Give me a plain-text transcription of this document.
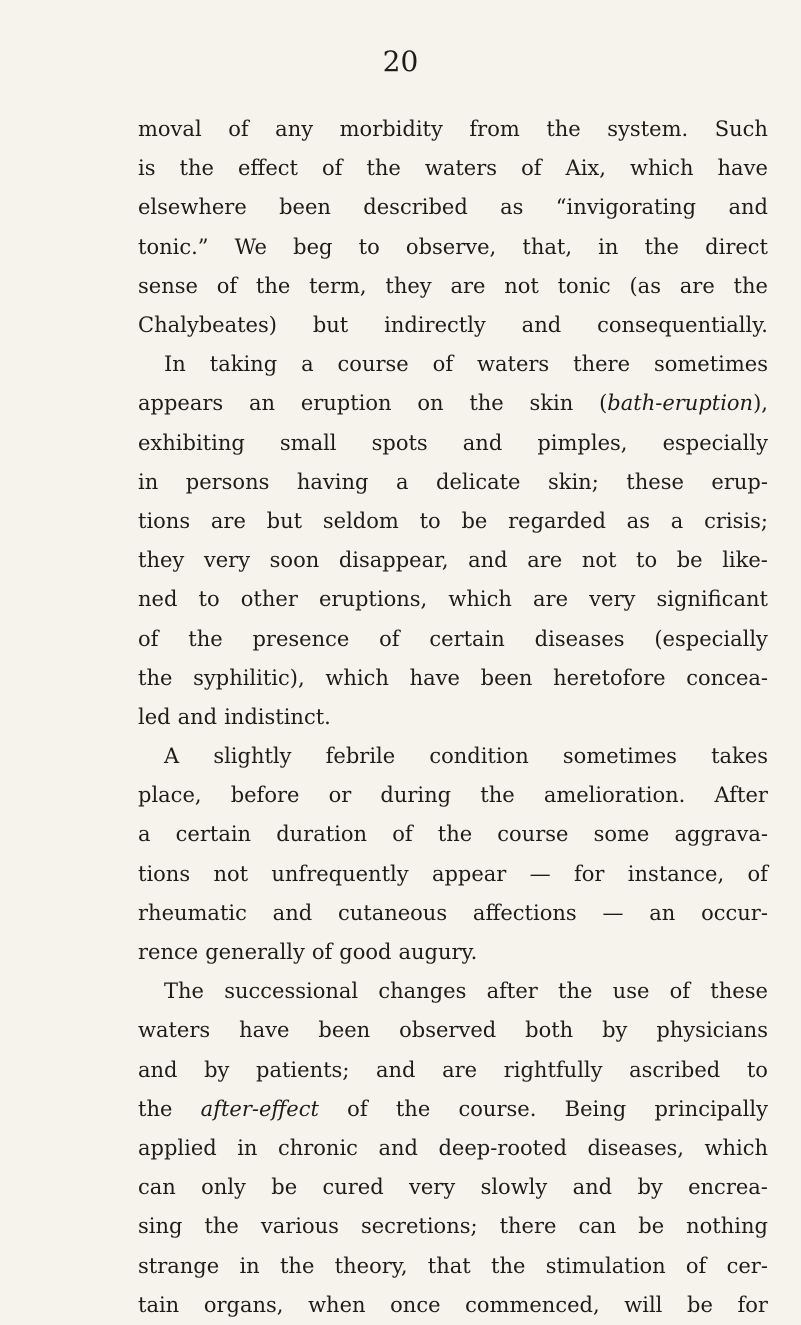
20
moval of any morbidity from the system. Such
is the effect of the waters of Aix, which have
elsewhere been described as “invigorating and
tonic.” We beg to observe, that, in the direct
sense of the term, they are not tonic (as are the
Chalybeates) but indirectly and consequentially.
In taking a course of waters there sometimes
appears an eruption on the skin (bath-eruption),
exhibiting small spots and pimples, especially
in persons having a delicate skin; these erup-
tions are but seldom to be regarded as a crisis;
they very soon disappear, and are not to be like-
ned to other eruptions, which are very significant
of the presence of certain diseases (especially
the syphilitic), which have been heretofore concea-
led and indistinct.
A slightly febrile condition sometimes takes
place, before or during the amelioration. After
a certain duration of the course some aggrava-
tions not unfrequently appear — for instance, of
rheumatic and cutaneous affections — an occur-
rence generally of good augury.
The successional changes after the use of these
waters have been observed both by physicians
and by patients; and are rightfully ascribed to
the after-effect of the course. Being principally
applied in chronic and deep-rooted diseases, which
can only be cured very slowly and by encrea-
sing the various secretions; there can be nothing
strange in the theory, that the stimulation of cer-
tain organs, when once commenced, will be for
